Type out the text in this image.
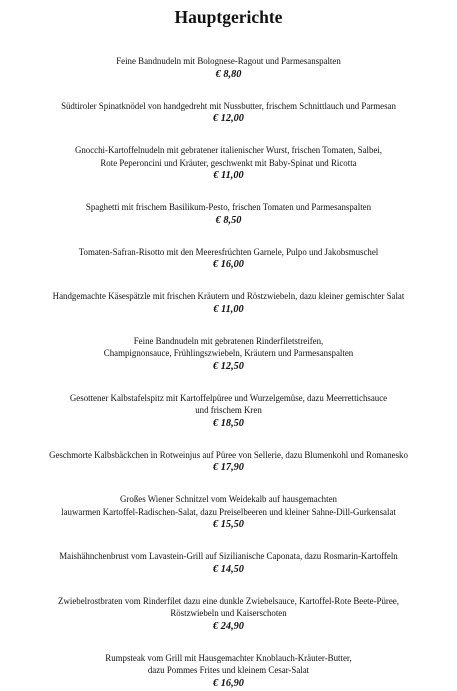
Hauptgerichte

Feine Bandnudeln mit Bolognese-Ragout und Parmesanspalten

€ 8,80

Südtiroler Spinatknödel von handgedreht mit Nussbutter, frischem Schnittlauch und Parmesan

€ 12,00

Gnocchi-Kartoffelnudeln mit gebratener italienischer Wurst, frischen Tomaten, Salbei,

Rote Peperoncini und Kräuter, geschwenkt mit Baby-Spinat und Ricotta

€ 11,00

Spaghetti mit frischem Basilikum-Pesto, frischen Tomaten und Parmesanspalten

€ 8,50

Tomaten-Safran-Risotto mit den Meeresfrüchten Garnele, Pulpo und Jakobsmuschel

€ 16,00

Handgemachte Käsespätzle mit frischen Kräutern und Röstzwiebeln, dazu kleiner gemischter Salat

€ 11,00

Feine Bandnudeln mit gebratenen Rinderfiletstreifen,

Champignonsauce, Frühlingszwiebeln, Kräutern und Parmesanspalten

€ 12,50

Gesottener Kalbstafelspitz mit Kartoffelpüree und Wurzelgemüse, dazu Meerrettichsauce

und frischem Kren

€ 18,50

Geschmorte Kalbsbäckchen in Rotweinjus auf Püree von Sellerie, dazu Blumenkohl und Romanesko

€ 17,90

Großes Wiener Schnitzel vom Weidekalb auf hausgemachten

lauwarmen Kartoffel-Radischen-Salat, dazu Preiselbeeren und kleiner Sahne-Dill-Gurkensalat

€ 15,50

Maishähnchenbrust vom Lavastein-Grill auf Sizilianische Caponata, dazu Rosmarin-Kartoffeln

€ 14,50

Zwiebelrostbraten vom Rinderfilet dazu eine dunkle Zwiebelsauce, Kartoffel-Rote Beete-Püree,

Röstzwiebeln und Kaiserschoten

€ 24,90

Rumpsteak vom Grill mit Hausgemachter Knoblauch-Kräuter-Butter,

dazu Pommes Frites und kleinem Cesar-Salat

€ 16,90
